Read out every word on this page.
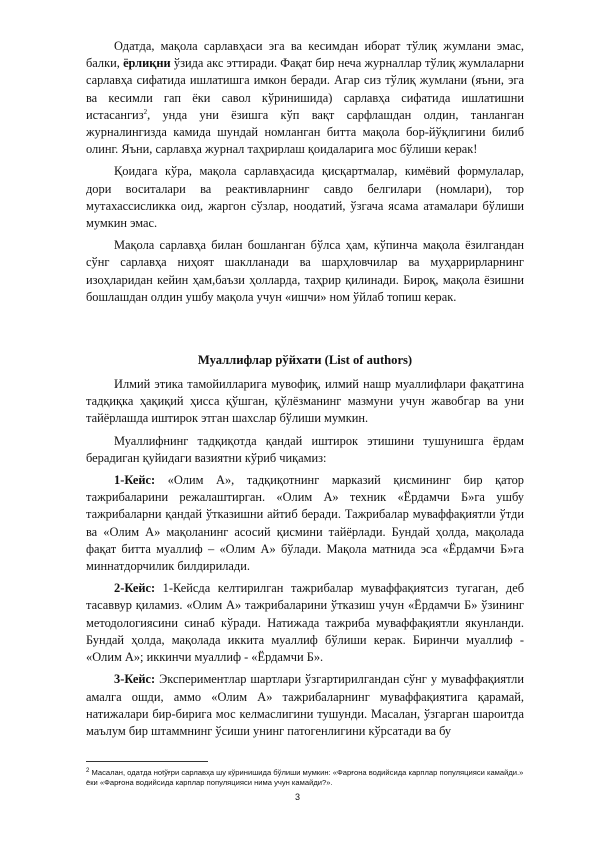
Одатда, мақола сарлавҳаси эга ва кесимдан иборат тўлиқ жумлани эмас, балки, ёрлиқни ўзида акс эттиради. Фақат бир неча журналлар тўлиқ жумлаларни сарлавҳа сифатида ишлатишга имкон беради. Агар сиз тўлиқ жумлани (яъни, эга ва кесимли гап ёки савол кўринишида) сарлавҳа сифатида ишлатишни истасангиз$^2$, унда уни ёзишга кўп вақт сарфлашдан олдин, танланган журналингизда камида шундай номланган битта мақола бор-йўқлигини билиб олинг. Яъни, сарлавҳа журнал таҳрирлаш қоидаларига мос бўлиши керак!

Қоидага кўра, мақола сарлавҳасида қисқартмалар, кимёвий формулалар, дори воситалари ва реактивларнинг савдо белгилари (номлари), тор мутахассисликка оид, жаргон сўзлар, ноодатий, ўзгача ясама атамалари бўлиши мумкин эмас.

Мақола сарлавҳа билан бошланган бўлса ҳам, кўпинча мақола ёзилгандан сўнг сарлавҳа ниҳоят шаклланади ва шарҳловчилар ва муҳаррирларнинг изоҳларидан кейин ҳам,баъзи ҳолларда, таҳрир қилинади. Бироқ, мақола ёзишни бошлашдан олдин ушбу мақола учун «ишчи» ном ўйлаб топиш керак.

Муаллифлар рўйхати (List of authors)

Илмий этика тамойилларига мувофиқ, илмий нашр муаллифлари фақатгина тадқиқка ҳақиқий ҳисса қўшган, қўлёзманинг мазмуни учун жавобгар ва уни тайёрлашда иштирок этган шахслар бўлиши мумкин.

Муаллифнинг тадқиқотда қандай иштирок этишини тушунишга ёрдам берадиган қуйидаги вазиятни кўриб чиқамиз:

1-Кейс: «Олим А», тадқиқотнинг марказий қисмининг бир қатор тажрибаларини режалаштирган. «Олим А» техник «Ёрдамчи Б»га ушбу тажрибаларни қандай ўтказишни айтиб беради. Тажрибалар муваффақиятли ўтди ва «Олим А» мақоланинг асосий қисмини тайёрлади. Бундай ҳолда, мақолада фақат битта муаллиф – «Олим А» бўлади. Мақола матнида эса «Ёрдамчи Б»га миннатдорчилик билдирилади.

2-Кейс: 1-Кейсда келтирилган тажрибалар муваффақиятсиз тугаган, деб тасаввур қиламиз. «Олим А» тажрибаларини ўтказиш учун «Ёрдамчи Б» ўзининг методологиясини синаб кўради. Натижада тажриба муваффақиятли якунланди. Бундай ҳолда, мақолада иккита муаллиф бўлиши керак. Биринчи муаллиф - «Олим А»; иккинчи муаллиф - «Ёрдамчи Б».

3-Кейс: Экспериментлар шартлари ўзгартирилгандан сўнг у муваффақиятли амалга ошди, аммо «Олим А» тажрибаларнинг муваффақиятига қарамай, натижалари бир-бирига мос келмаслигини тушунди. Масалан, ўзгарган шароитда маълум бир штаммнинг ўсиши унинг патогенлигини кўрсатади ва бу

$^2$ Масалан, одатда ноtўғри сарлавҳа шу кўринишида бўлиши мумкин: «Фарғона водийсида карплар популяцияси камайди.» ёки «Фарғона водийсида карплар популяцияси нима учун камайди?».
3
